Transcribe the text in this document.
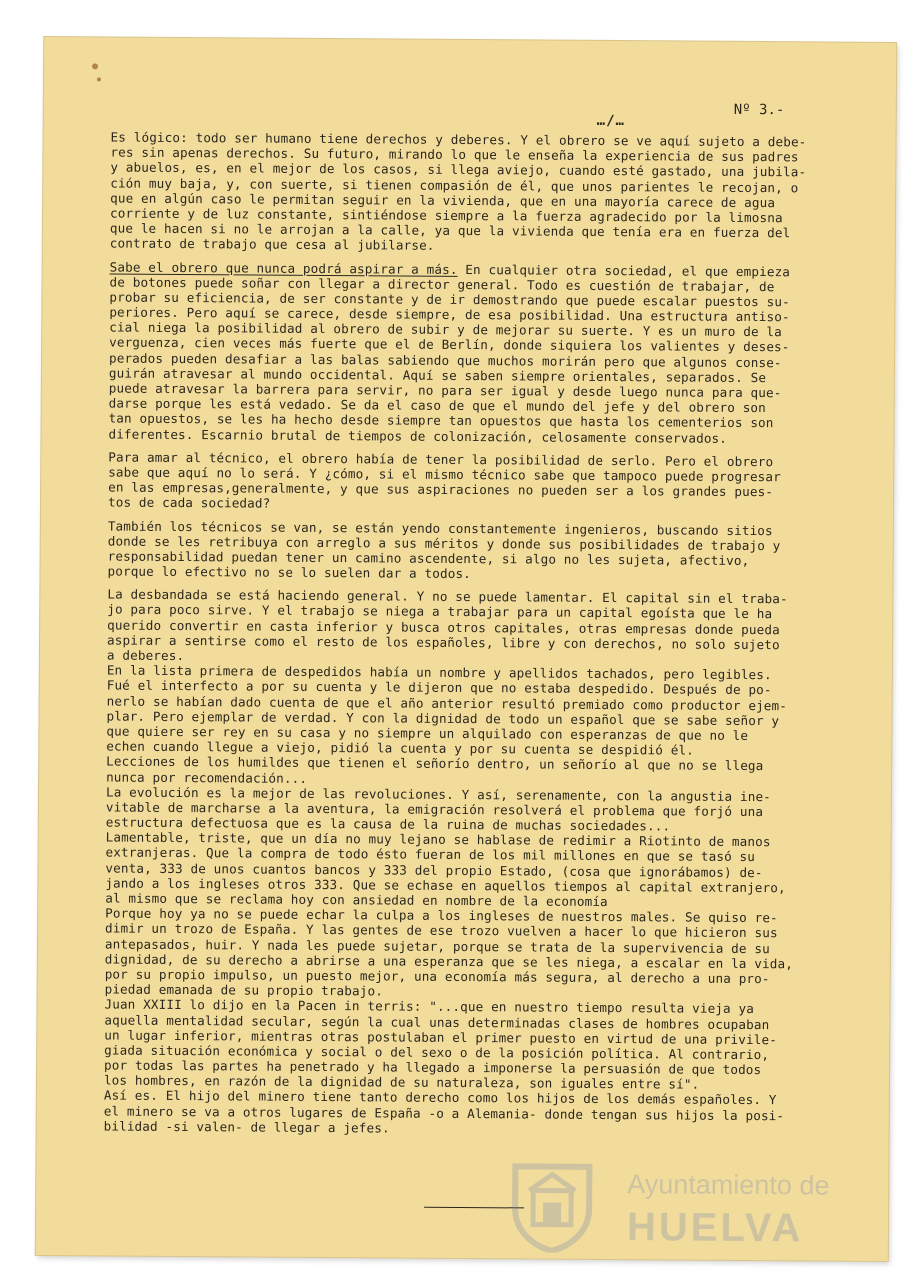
…/…
Nº 3.-
Es lógico: todo ser humano tiene derechos y deberes. Y el obrero se ve aquí sujeto a debe-
res sin apenas derechos. Su futuro, mirando lo que le enseña la experiencia de sus padres
y abuelos, es, en el mejor de los casos, si llega aviejo, cuando esté gastado, una jubila-
ción muy baja, y, con suerte, si tienen compasión de él, que unos parientes le recojan, o
que en algún caso le permitan seguir en la vivienda, que en una mayoría carece de agua
corriente y de luz constante, sintiéndose siempre a la fuerza agradecido por la limosna
que le hacen si no le arrojan a la calle, ya que la vivienda que tenía era en fuerza del
contrato de trabajo que cesa al jubilarse.
Sabe el obrero que nunca podrá aspirar a más. En cualquier otra sociedad, el que empieza
de botones puede soñar con llegar a director general. Todo es cuestión de trabajar, de
probar su eficiencia, de ser constante y de ir demostrando que puede escalar puestos su-
periores. Pero aquí se carece, desde siempre, de esa posibilidad. Una estructura antiso-
cial niega la posibilidad al obrero de subir y de mejorar su suerte. Y es un muro de la
verguenza, cien veces más fuerte que el de Berlín, donde siquiera los valientes y deses-
perados pueden desafiar a las balas sabiendo que muchos morirán pero que algunos conse-
guirán atravesar al mundo occidental. Aquí se saben siempre orientales, separados. Se
puede atravesar la barrera para servir, no para ser igual y desde luego nunca para que-
darse porque les está vedado. Se da el caso de que el mundo del jefe y del obrero son
tan opuestos, se les ha hecho desde siempre tan opuestos que hasta los cementerios son
diferentes. Escarnio brutal de tiempos de colonización, celosamente conservados.
Para amar al técnico, el obrero había de tener la posibilidad de serlo. Pero el obrero
sabe que aquí no lo será. Y ¿cómo, si el mismo técnico sabe que tampoco puede progresar
en las empresas,generalmente, y que sus aspiraciones no pueden ser a los grandes pues-
tos de cada sociedad?
También los técnicos se van, se están yendo constantemente ingenieros, buscando sitios
donde se les retribuya con arreglo a sus méritos y donde sus posibilidades de trabajo y
responsabilidad puedan tener un camino ascendente, si algo no les sujeta, afectivo,
porque lo efectivo no se lo suelen dar a todos.
La desbandada se está haciendo general. Y no se puede lamentar. El capital sin el traba-
jo para poco sirve. Y el trabajo se niega a trabajar para un capital egoísta que le ha
querido convertir en casta inferior y busca otros capitales, otras empresas donde pueda
aspirar a sentirse como el resto de los españoles, libre y con derechos, no solo sujeto
a deberes.
En la lista primera de despedidos había un nombre y apellidos tachados, pero legibles.
Fué el interfecto a por su cuenta y le dijeron que no estaba despedido. Después de po-
nerlo se habían dado cuenta de que el año anterior resultó premiado como productor ejem-
plar. Pero ejemplar de verdad. Y con la dignidad de todo un español que se sabe señor y
que quiere ser rey en su casa y no siempre un alquilado con esperanzas de que no le
echen cuando llegue a viejo, pidió la cuenta y por su cuenta se despidió él.
Lecciones de los humildes que tienen el señorío dentro, un señorío al que no se llega
nunca por recomendación...
La evolución es la mejor de las revoluciones. Y así, serenamente, con la angustia ine-
vitable de marcharse a la aventura, la emigración resolverá el problema que forjó una
estructura defectuosa que es la causa de la ruina de muchas sociedades...
Lamentable, triste, que un día no muy lejano se hablase de redimir a Riotinto de manos
extranjeras. Que la compra de todo ésto fueran de los mil millones en que se tasó su
venta, 333 de unos cuantos bancos y 333 del propio Estado, (cosa que ignorábamos) de-
jando a los ingleses otros 333. Que se echase en aquellos tiempos al capital extranjero,
al mismo que se reclama hoy con ansiedad en nombre de la economía
Porque hoy ya no se puede echar la culpa a los ingleses de nuestros males. Se quiso re-
dimir un trozo de España. Y las gentes de ese trozo vuelven a hacer lo que hicieron sus
antepasados, huir. Y nada les puede sujetar, porque se trata de la supervivencia de su
dignidad, de su derecho a abrirse a una esperanza que se les niega, a escalar en la vida,
por su propio impulso, un puesto mejor, una economía más segura, al derecho a una pro-
piedad emanada de su propio trabajo.
Juan XXIII lo dijo en la Pacen in terris: "...que en nuestro tiempo resulta vieja ya
aquella mentalidad secular, según la cual unas determinadas clases de hombres ocupaban
un lugar inferior, mientras otras postulaban el primer puesto en virtud de una privile-
giada situación económica y social o del sexo o de la posición política. Al contrario,
por todas las partes ha penetrado y ha llegado a imponerse la persuasión de que todos
los hombres, en razón de la dignidad de su naturaleza, son iguales entre sí".
Así es. El hijo del minero tiene tanto derecho como los hijos de los demás españoles. Y
el minero se va a otros lugares de España -o a Alemania- donde tengan sus hijos la posi-
bilidad -si valen- de llegar a jefes.
Ayuntamiento de
HUELVA
